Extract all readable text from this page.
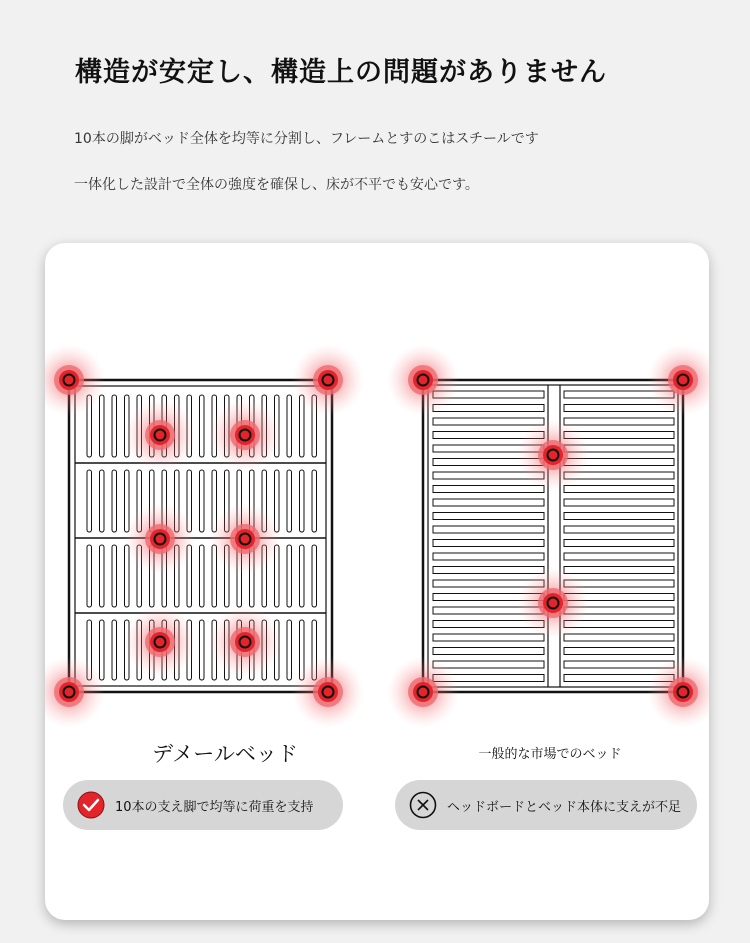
構造が安定し、構造上の問題がありません
10本の脚がベッド全体を均等に分割し、フレームとすのこはスチールです
一体化した設計で全体の強度を確保し、床が不平でも安心です。
デメールベッド	一般的な市場でのベッド
10本の支え脚で均等に荷重を支持	ヘッドボードとベッド本体に支えが不足
